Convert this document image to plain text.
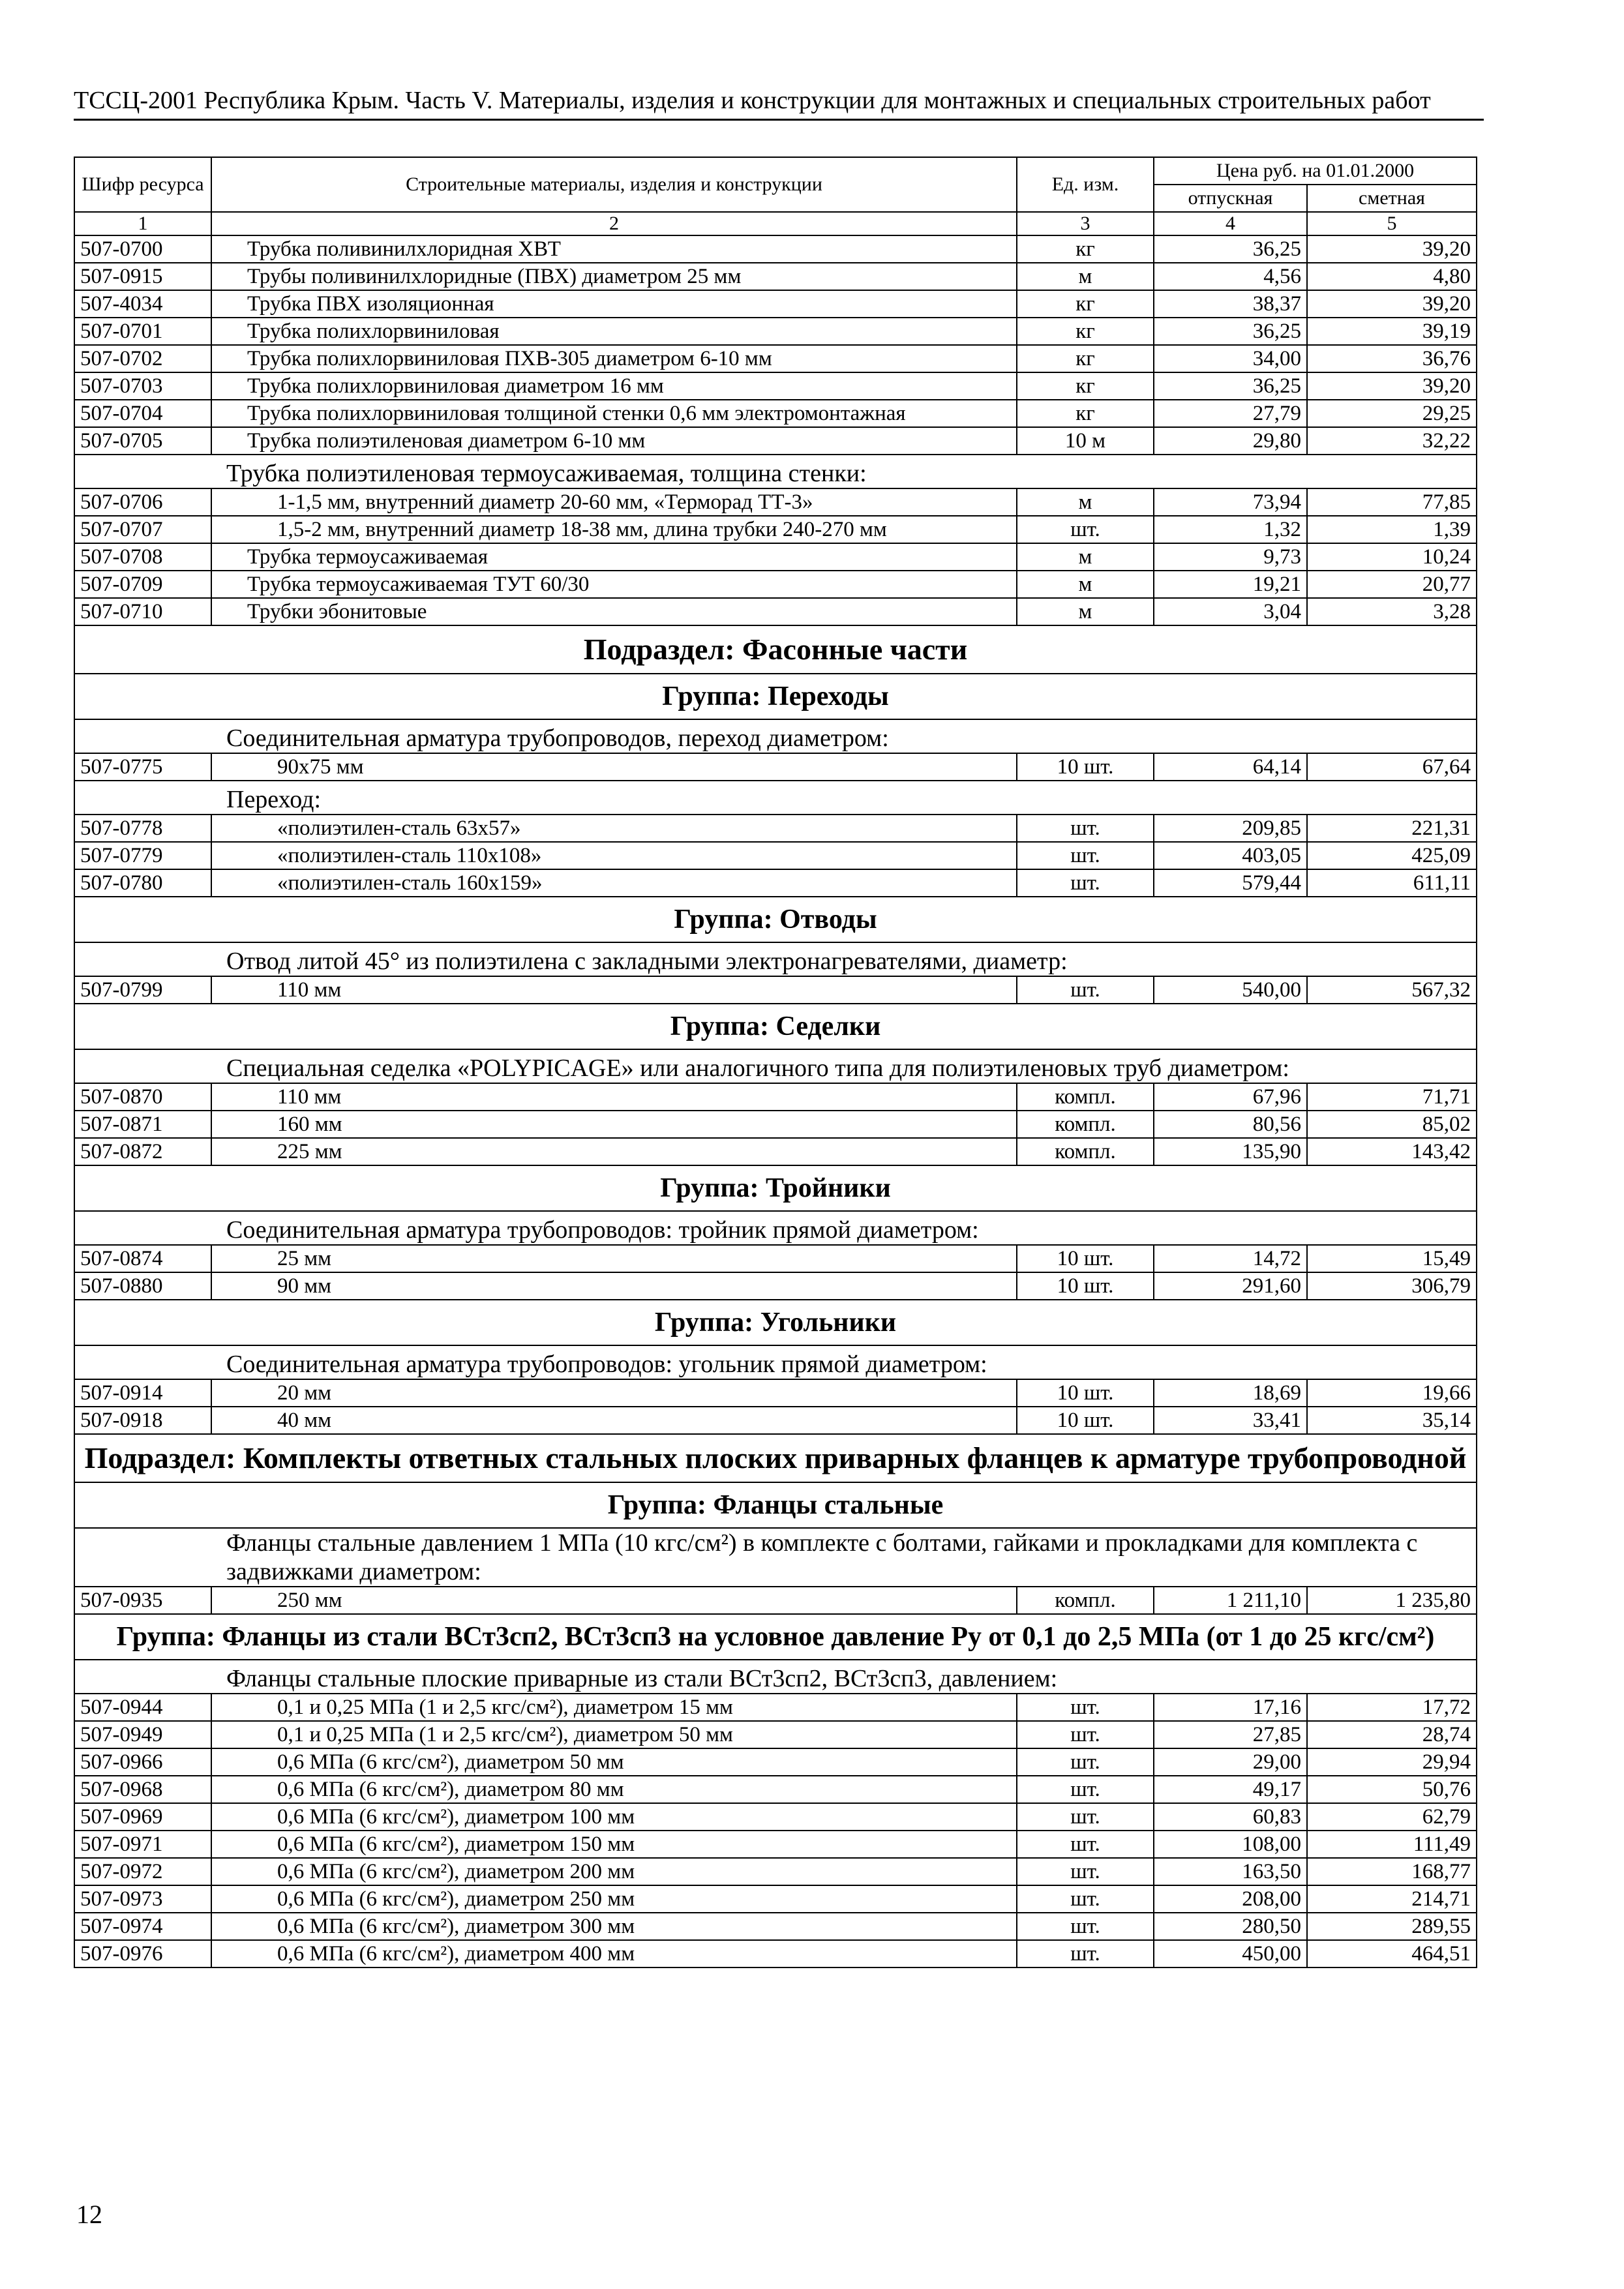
ТССЦ-2001 Республика Крым. Часть V. Материалы, изделия и конструкции для монтажных и специальных строительных работ
Шифр ресурса	Строительные материалы, изделия и конструкции	Ед. изм.	Цена руб. на 01.01.2000	
			отпускная	сметная
1	2	3	4	5
507-0700	Трубка поливинилхлоридная ХВТ	кг	36,25	39,20
507-0915	Трубы поливинилхлоридные (ПВХ) диаметром 25 мм	м	4,56	4,80
507-4034	Трубка ПВХ изоляционная	кг	38,37	39,20
507-0701	Трубка полихлорвиниловая	кг	36,25	39,19
507-0702	Трубка полихлорвиниловая ПХВ-305 диаметром 6-10 мм	кг	34,00	36,76
507-0703	Трубка полихлорвиниловая диаметром 16 мм	кг	36,25	39,20
507-0704	Трубка полихлорвиниловая толщиной стенки 0,6 мм электромонтажная	кг	27,79	29,25
507-0705	Трубка полиэтиленовая диаметром 6-10 мм	10 м	29,80	32,22
Трубка полиэтиленовая термоусаживаемая, толщина стенки:				
507-0706	1-1,5 мм, внутренний диаметр 20-60 мм, «Терморад ТТ-3»	м	73,94	77,85
507-0707	1,5-2 мм, внутренний диаметр 18-38 мм, длина трубки 240-270 мм	шт.	1,32	1,39
507-0708	Трубка термоусаживаемая	м	9,73	10,24
507-0709	Трубка термоусаживаемая ТУТ 60/30	м	19,21	20,77
507-0710	Трубки эбонитовые	м	3,04	3,28
Подраздел: Фасонные части				
Группа: Переходы				
Соединительная арматура трубопроводов, переход диаметром:				
507-0775	90x75 мм	10 шт.	64,14	67,64
Переход:				
507-0778	«полиэтилен-сталь 63x57»	шт.	209,85	221,31
507-0779	«полиэтилен-сталь 110x108»	шт.	403,05	425,09
507-0780	«полиэтилен-сталь 160x159»	шт.	579,44	611,11
Группа: Отводы				
Отвод литой 45° из полиэтилена с закладными электронагревателями, диаметр:				
507-0799	110 мм	шт.	540,00	567,32
Группа: Седелки				
Специальная седелка «POLYPICAGE» или аналогичного типа для полиэтиленовых труб диаметром:				
507-0870	110 мм	компл.	67,96	71,71
507-0871	160 мм	компл.	80,56	85,02
507-0872	225 мм	компл.	135,90	143,42
Группа: Тройники				
Соединительная арматура трубопроводов: тройник прямой диаметром:				
507-0874	25 мм	10 шт.	14,72	15,49
507-0880	90 мм	10 шт.	291,60	306,79
Группа: Угольники				
Соединительная арматура трубопроводов: угольник прямой диаметром:				
507-0914	20 мм	10 шт.	18,69	19,66
507-0918	40 мм	10 шт.	33,41	35,14
Подраздел: Комплекты ответных стальных плоских приварных фланцев к арматуре трубопроводной				
Группа: Фланцы стальные				
Фланцы стальные давлением 1 МПа (10 кгс/см²) в комплекте с болтами, гайками и прокладками для комплекта с задвижками диаметром:				
507-0935	250 мм	компл.	1 211,10	1 235,80
Группа: Фланцы из стали ВСт3сп2, ВСт3сп3 на условное давление Ру от 0,1 до 2,5 МПа (от 1 до 25 кгс/см²)				
Фланцы стальные плоские приварные из стали ВСт3сп2, ВСт3сп3, давлением:				
507-0944	0,1 и 0,25 МПа (1 и 2,5 кгс/см²), диаметром 15 мм	шт.	17,16	17,72
507-0949	0,1 и 0,25 МПа (1 и 2,5 кгс/см²), диаметром 50 мм	шт.	27,85	28,74
507-0966	0,6 МПа (6 кгс/см²), диаметром 50 мм	шт.	29,00	29,94
507-0968	0,6 МПа (6 кгс/см²), диаметром 80 мм	шт.	49,17	50,76
507-0969	0,6 МПа (6 кгс/см²), диаметром 100 мм	шт.	60,83	62,79
507-0971	0,6 МПа (6 кгс/см²), диаметром 150 мм	шт.	108,00	111,49
507-0972	0,6 МПа (6 кгс/см²), диаметром 200 мм	шт.	163,50	168,77
507-0973	0,6 МПа (6 кгс/см²), диаметром 250 мм	шт.	208,00	214,71
507-0974	0,6 МПа (6 кгс/см²), диаметром 300 мм	шт.	280,50	289,55
507-0976	0,6 МПа (6 кгс/см²), диаметром 400 мм	шт.	450,00	464,51
12
